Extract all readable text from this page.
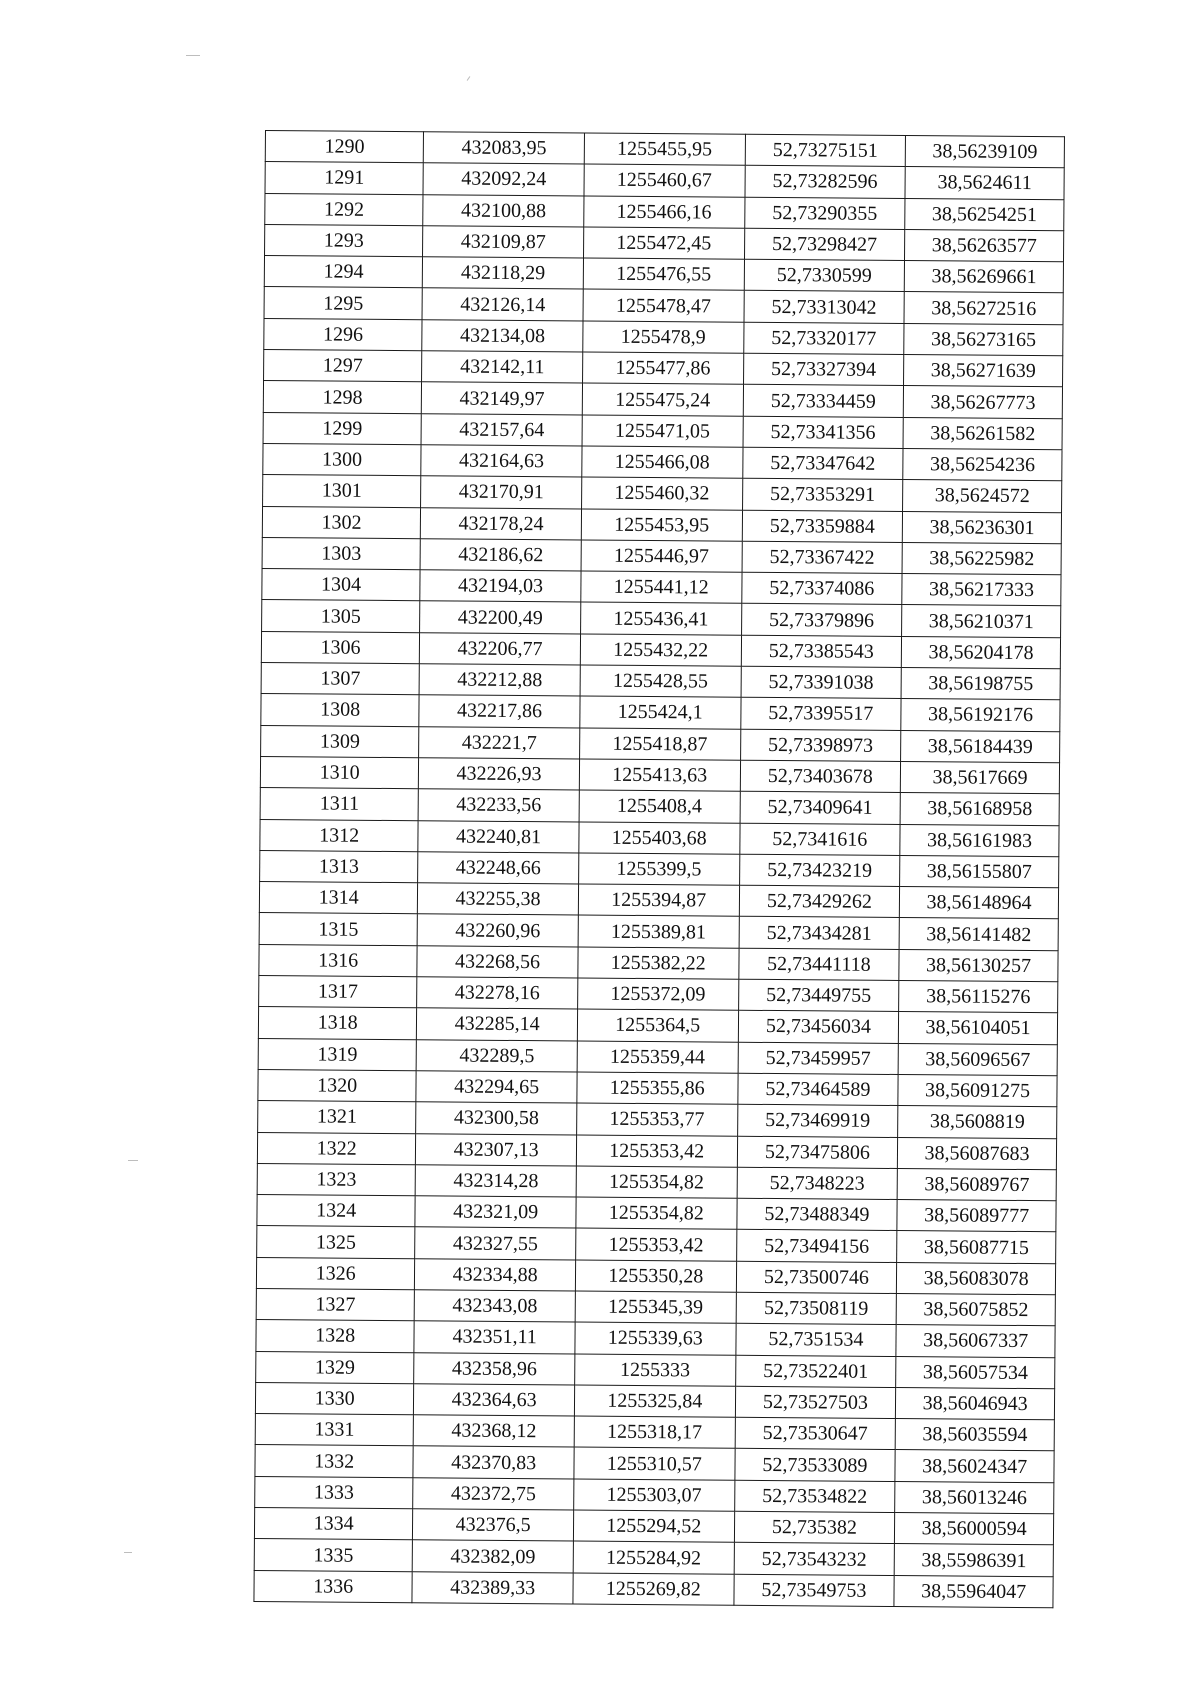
1290	432083,95	1255455,95	52,73275151	38,56239109
1291	432092,24	1255460,67	52,73282596	38,5624611
1292	432100,88	1255466,16	52,73290355	38,56254251
1293	432109,87	1255472,45	52,73298427	38,56263577
1294	432118,29	1255476,55	52,7330599	38,56269661
1295	432126,14	1255478,47	52,73313042	38,56272516
1296	432134,08	1255478,9	52,73320177	38,56273165
1297	432142,11	1255477,86	52,73327394	38,56271639
1298	432149,97	1255475,24	52,73334459	38,56267773
1299	432157,64	1255471,05	52,73341356	38,56261582
1300	432164,63	1255466,08	52,73347642	38,56254236
1301	432170,91	1255460,32	52,73353291	38,5624572
1302	432178,24	1255453,95	52,73359884	38,56236301
1303	432186,62	1255446,97	52,73367422	38,56225982
1304	432194,03	1255441,12	52,73374086	38,56217333
1305	432200,49	1255436,41	52,73379896	38,56210371
1306	432206,77	1255432,22	52,73385543	38,56204178
1307	432212,88	1255428,55	52,73391038	38,56198755
1308	432217,86	1255424,1	52,73395517	38,56192176
1309	432221,7	1255418,87	52,73398973	38,56184439
1310	432226,93	1255413,63	52,73403678	38,5617669
1311	432233,56	1255408,4	52,73409641	38,56168958
1312	432240,81	1255403,68	52,7341616	38,56161983
1313	432248,66	1255399,5	52,73423219	38,56155807
1314	432255,38	1255394,87	52,73429262	38,56148964
1315	432260,96	1255389,81	52,73434281	38,56141482
1316	432268,56	1255382,22	52,73441118	38,56130257
1317	432278,16	1255372,09	52,73449755	38,56115276
1318	432285,14	1255364,5	52,73456034	38,56104051
1319	432289,5	1255359,44	52,73459957	38,56096567
1320	432294,65	1255355,86	52,73464589	38,56091275
1321	432300,58	1255353,77	52,73469919	38,5608819
1322	432307,13	1255353,42	52,73475806	38,56087683
1323	432314,28	1255354,82	52,7348223	38,56089767
1324	432321,09	1255354,82	52,73488349	38,56089777
1325	432327,55	1255353,42	52,73494156	38,56087715
1326	432334,88	1255350,28	52,73500746	38,56083078
1327	432343,08	1255345,39	52,73508119	38,56075852
1328	432351,11	1255339,63	52,7351534	38,56067337
1329	432358,96	1255333	52,73522401	38,56057534
1330	432364,63	1255325,84	52,73527503	38,56046943
1331	432368,12	1255318,17	52,73530647	38,56035594
1332	432370,83	1255310,57	52,73533089	38,56024347
1333	432372,75	1255303,07	52,73534822	38,56013246
1334	432376,5	1255294,52	52,735382	38,56000594
1335	432382,09	1255284,92	52,73543232	38,55986391
1336	432389,33	1255269,82	52,73549753	38,55964047
